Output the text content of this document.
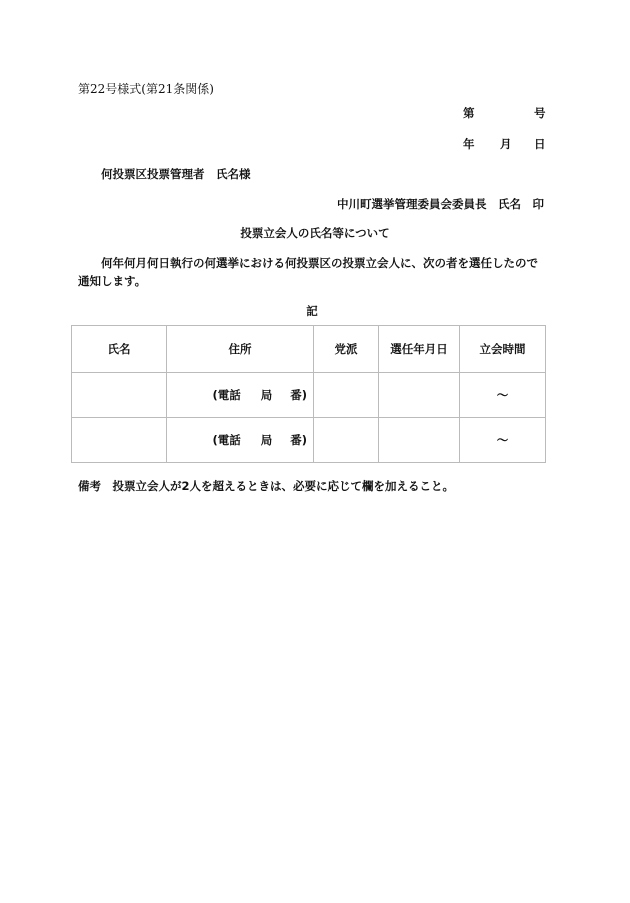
第22号様式(第21条関係)
第	号
年 月 日
何投票区投票管理者　氏名様
中川町選挙管理委員会委員長　氏名　印
投票立会人の氏名等について
何年何月何日執行の何選挙における何投票区の投票立会人に、次の者を選任したので
通知します。
記
氏名	住所	党派	選任年月日	立会時間
	(電話 局 番)			～
	(電話 局 番)			～
備考　投票立会人が2人を超えるときは、必要に応じて欄を加えること。
